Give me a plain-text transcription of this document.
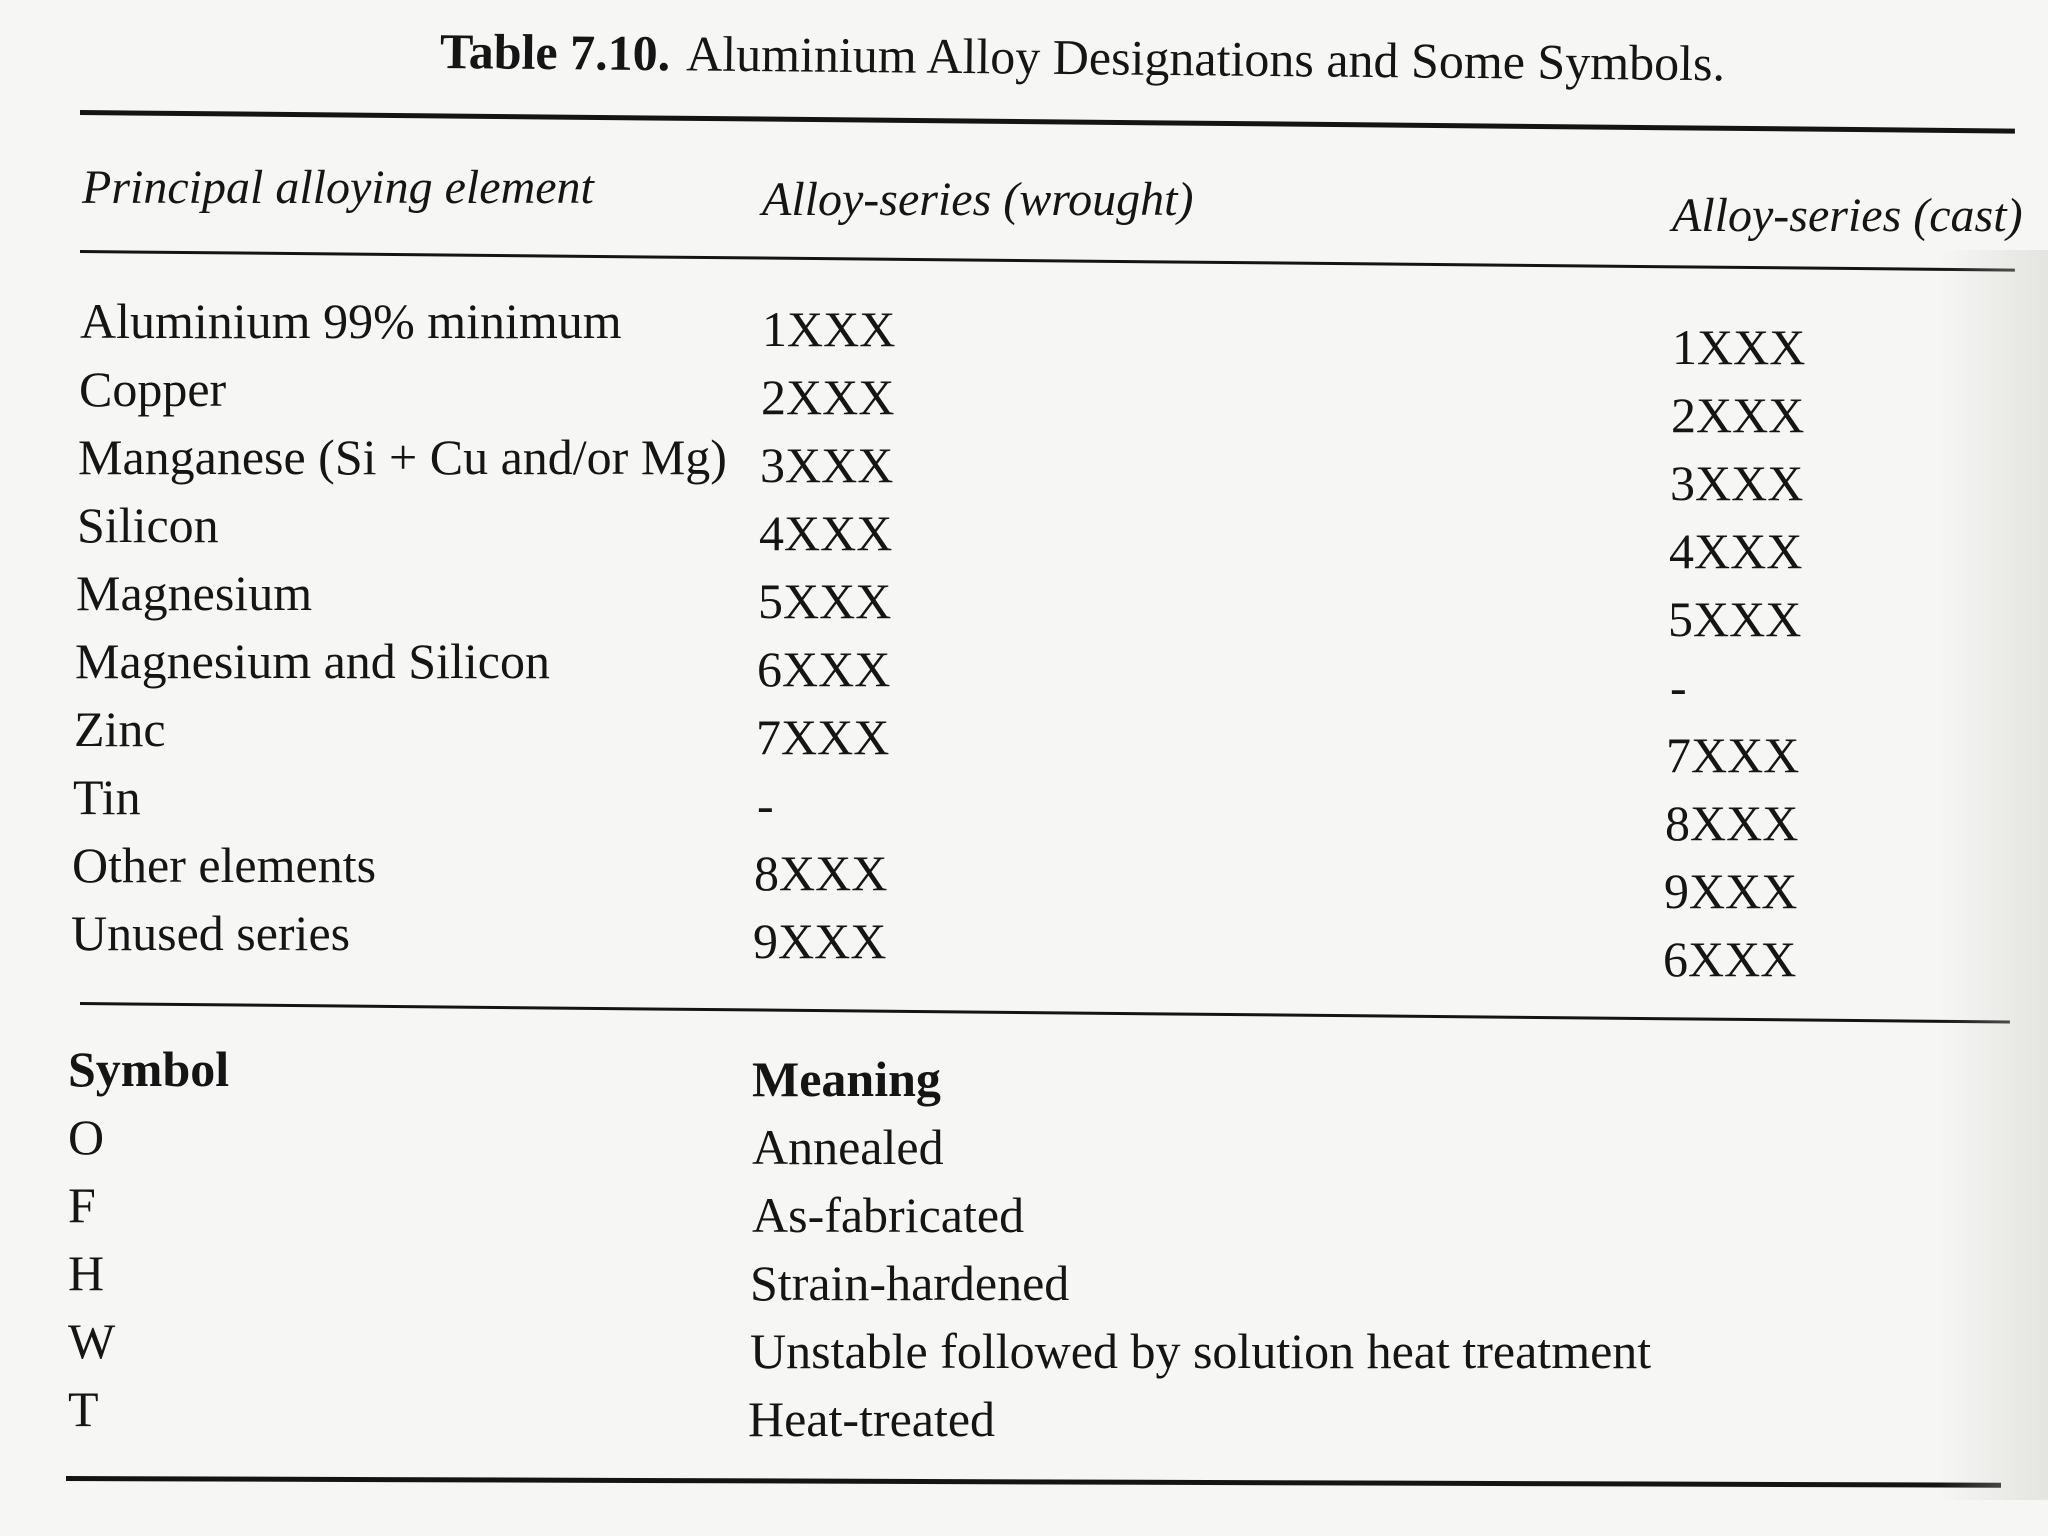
Table 7.10. Aluminium Alloy Designations and Some Symbols.
Principal alloying element	Alloy-series (wrought)	Alloy-series (cast)
Aluminium 99% minimum	1XXX	1XXX
Copper	2XXX	2XXX
Manganese (Si + Cu and/or Mg) 3XXX	3XXX
Silicon	4XXX	4XXX
Magnesium	5XXX	5XXX
Magnesium and Silicon	6XXX	-
Zinc	7XXX	7XXX
Tin	-	8XXX
Other elements	8XXX	9XXX
Unused series	9XXX	6XXX
Symbol	Meaning
O	Annealed
F	As-fabricated
H	Strain-hardened
W	Unstable followed by solution heat treatment
T	Heat-treated
